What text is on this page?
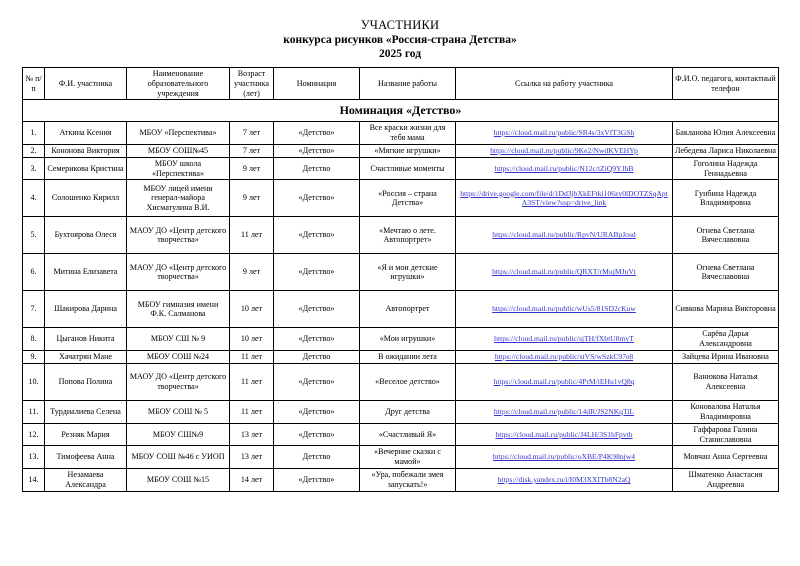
УЧАСТНИКИ
конкурса рисунков «Россия-страна Детства»
2025 год
№ п/п	Ф.И. участника	Наименование образовательного учреждения	Возраст участника (лет)	Номинация	Название работы	Ссылка на работу участника	Ф.И.О. педагога, контактный телефон
Номинация «Детство»							
1.	Аткина Ксения	МБОУ «Перспектива»	7 лет	«Детство»	Все краски жизни для тебя мама	https://cloud.mail.ru/public/SR4s/3xVfT3GSh	Бакланова Юлия Алексеевна
2.	Кононова Виктория	МБОУ СОШ№45	7 лет	«Детство»	«Мягкие игрушки»	https://cloud.mail.ru/public/9Ke2/NwdKVEHYp	Лебедева Лариса Николаевна
3.	Семерикова Кристина	МБОУ школа «Перспектива»	9 лет	Детство	Счастливые моменты	https://cloud.mail.ru/public/N12c/tZiQ9YJhB	Гоголина Надежда Геннадьевна
4.	Солошенко Кирилл	МБОУ лицей имени генерал-майора Хисматулина В.И.	9 лет	«Детство»	«Россия – страна Детства»	https://drive.google.com/file/d/1Dd3jbXkEFtki106zv0lDOTZSqAptA3ST/view?usp=drive_link	Гунбина Надежда Владимировна
5.	Бухтоярова Олеся	МАОУ ДО «Центр детского творчества»	11 лет	«Детство»	«Мечтаю о лете. Автопортрет»	https://cloud.mail.ru/public/RpvN/URABpJosd	Огнева Светлана Вячеславовна
6.	Митина Елизавета	МАОУ ДО «Центр детского творчества»	9 лет	«Детство»	«Я и мои детские игрушки»	https://cloud.mail.ru/public/QRXT/rMujMJuVt	Огнева Светлана Вячеславовна
7.	Шакирова Дарина	МБОУ гимназия имени Ф.К. Салманова	10 лет	«Детство»	Автопортрет	https://cloud.mail.ru/public/wUs5/81SD2cKuw	Сивкова Марина Викторовна
8.	Цыганов Никита	МБОУ СШ № 9	10 лет	«Детство»	«Мои игрушки»	https://cloud.mail.ru/public/sjTH/fXbtU8myT	Сарёва Дарья Александровна
9.	Хачатрян Мане	МБОУ СОШ №24	11 лет	Детство	В ожидании лета	https://cloud.mail.ru/public/stVS/wSzkC97e8	Зайцева Ирина Ивановна
10.	Попова Полина	МАОУ ДО «Центр детского творчества»	11 лет	«Детство»	«Веселое детство»	https://cloud.mail.ru/public/4PrM/iEHu1vQ8q	Ванюкова Наталья Алексеевна
11.	Турдиалиева Селена	МБОУ СОШ № 5	11 лет	«Детство»	Друг детства	https://cloud.mail.ru/public/14dR/JS2NKqTiL	Коновалова Наталья Владимировна
12.	Резняк Мария	МБОУ СШ№9	13 лет	«Детство»	«Счастливый Я»	https://cloud.mail.ru/public/J4LH/3S1hFpvth	Гаффарова Галина Станиславовна
13.	Тимофеева Анна	МБОУ СОШ №46 с УИОП	13 лет	Детство	«Вечерние сказки с мамой»	https://cloud.mail.ru/public/oXBE/P4K98njw4	Мовчан Анна Сергеевна
14.	Незамаева Александра	МБОУ СОШ №15	14 лет	«Детство»	«Ура, побежали змея запускать!»	https://disk.yandex.ru/i/I0M3XXITb8N2aQ	Шматенко Анастасия Андреевна
